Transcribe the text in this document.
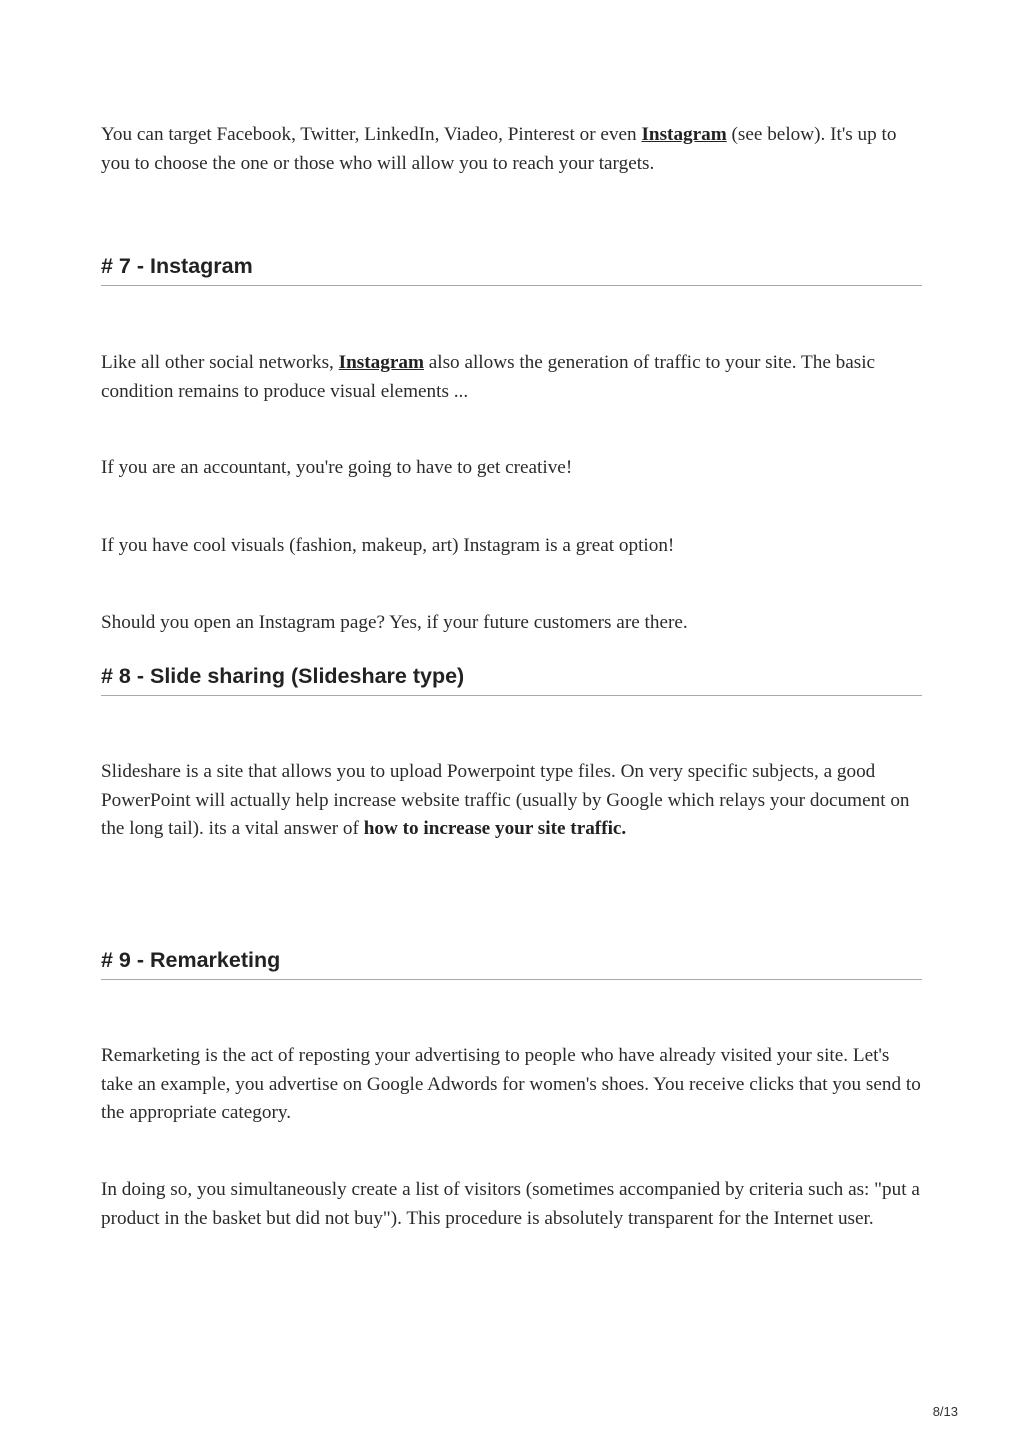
You can target Facebook, Twitter, LinkedIn, Viadeo, Pinterest or even Instagram (see below). It's up to you to choose the one or those who will allow you to reach your targets.

# 7 - Instagram

Like all other social networks, Instagram also allows the generation of traffic to your site. The basic condition remains to produce visual elements ...

If you are an accountant, you're going to have to get creative!

If you have cool visuals (fashion, makeup, art) Instagram is a great option!

Should you open an Instagram page? Yes, if your future customers are there.

# 8 - Slide sharing (Slideshare type)

Slideshare is a site that allows you to upload Powerpoint type files. On very specific subjects, a good PowerPoint will actually help increase website traffic (usually by Google which relays your document on the long tail). its a vital answer of how to increase your site traffic.

# 9 - Remarketing

Remarketing is the act of reposting your advertising to people who have already visited your site. Let's take an example, you advertise on Google Adwords for women's shoes. You receive clicks that you send to the appropriate category.

In doing so, you simultaneously create a list of visitors (sometimes accompanied by criteria such as: "put a product in the basket but did not buy"). This procedure is absolutely transparent for the Internet user.

8/13
